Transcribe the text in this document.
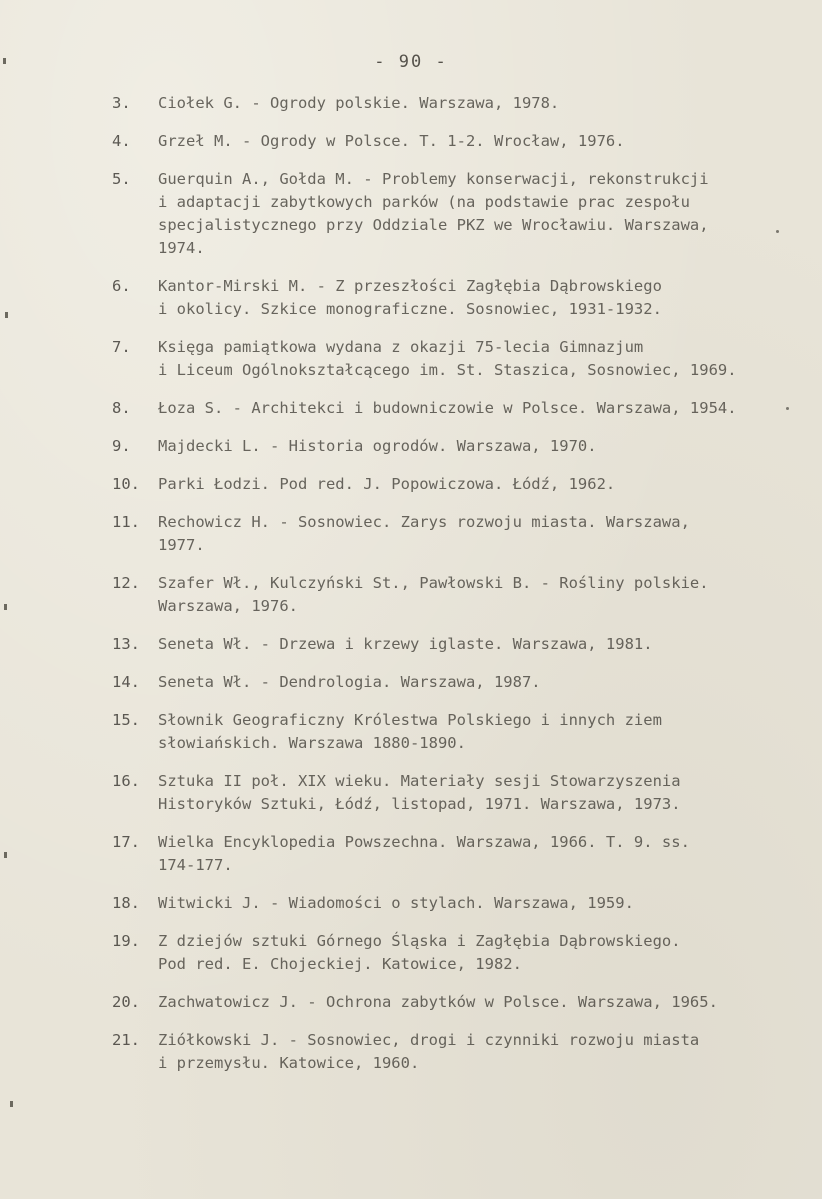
- 90 -
3. Ciołek G. - Ogrody polskie. Warszawa, 1978.
4. Grzeł M. - Ogrody w Polsce. T. 1-2. Wrocław, 1976.
5. Guerquin A., Gołda M. - Problemy konserwacji, rekonstrukcji
i adaptacji zabytkowych parków (na podstawie prac zespołu
specjalistycznego przy Oddziale PKZ we Wrocławiu. Warszawa,
1974.
6. Kantor-Mirski M. - Z przeszłości Zagłębia Dąbrowskiego
i okolicy. Szkice monograficzne. Sosnowiec, 1931-1932.
7. Księga pamiątkowa wydana z okazji 75-lecia Gimnazjum
i Liceum Ogólnokształcącego im. St. Staszica, Sosnowiec, 1969.
8. Łoza S. - Architekci i budowniczowie w Polsce. Warszawa, 1954.
9. Majdecki L. - Historia ogrodów. Warszawa, 1970.
10. Parki Łodzi. Pod red. J. Popowiczowa. Łódź, 1962.
11. Rechowicz H. - Sosnowiec. Zarys rozwoju miasta. Warszawa,
1977.
12. Szafer Wł., Kulczyński St., Pawłowski B. - Rośliny polskie.
Warszawa, 1976.
13. Seneta Wł. - Drzewa i krzewy iglaste. Warszawa, 1981.
14. Seneta Wł. - Dendrologia. Warszawa, 1987.
15. Słownik Geograficzny Królestwa Polskiego i innych ziem
słowiańskich. Warszawa 1880-1890.
16. Sztuka II poł. XIX wieku. Materiały sesji Stowarzyszenia
Historyków Sztuki, Łódź, listopad, 1971. Warszawa, 1973.
17. Wielka Encyklopedia Powszechna. Warszawa, 1966. T. 9. ss.
174-177.
18. Witwicki J. - Wiadomości o stylach. Warszawa, 1959.
19. Z dziejów sztuki Górnego Śląska i Zagłębia Dąbrowskiego.
Pod red. E. Chojeckiej. Katowice, 1982.
20. Zachwatowicz J. - Ochrona zabytków w Polsce. Warszawa, 1965.
21. Ziółkowski J. - Sosnowiec, drogi i czynniki rozwoju miasta
i przemysłu. Katowice, 1960.
